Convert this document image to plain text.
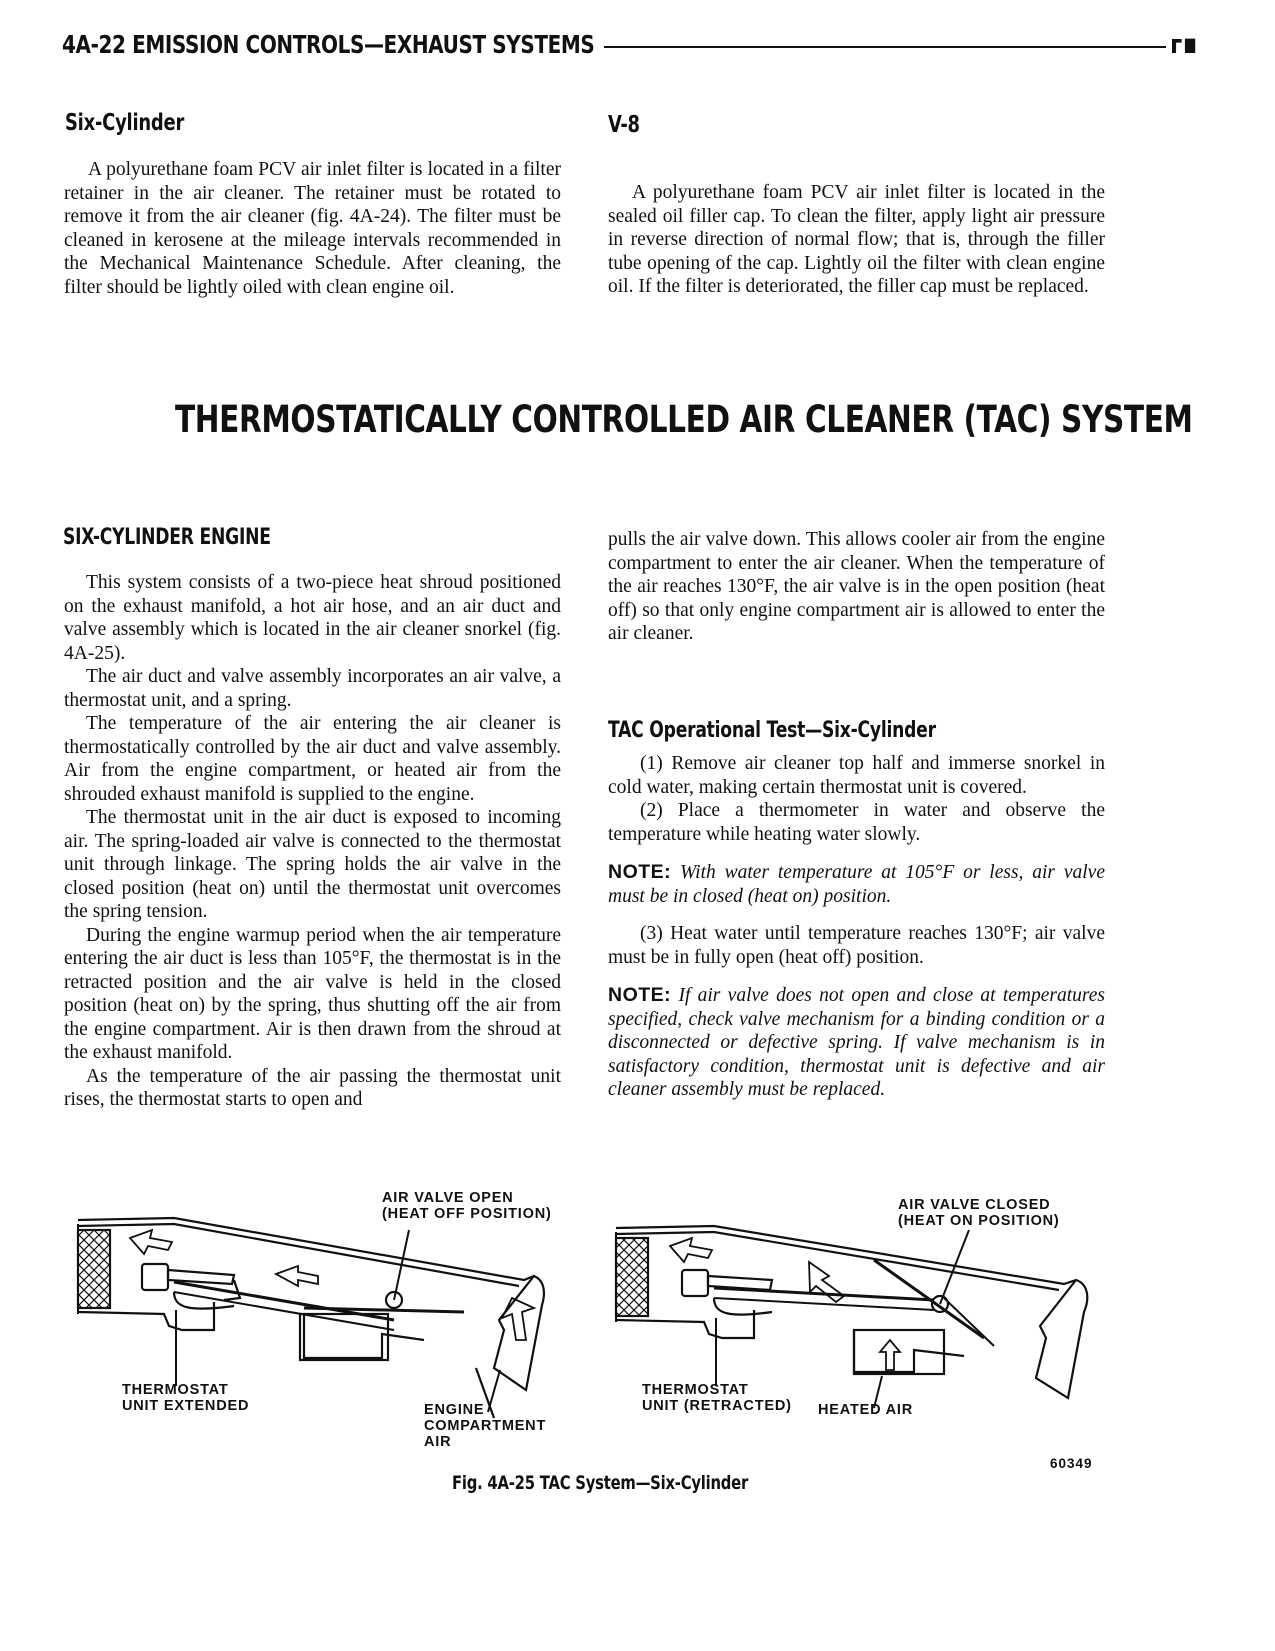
4A-22 EMISSION CONTROLS—EXHAUST SYSTEMS	ᴦ∎
Six-Cylinder	V-8

A polyurethane foam PCV air inlet filter is located in a filter retainer in the air cleaner. The retainer must be rotated to remove it from the air cleaner (fig. 4A-24). The filter must be cleaned in kerosene at the mileage intervals recommended in the Mechanical Maintenance Schedule. After cleaning, the filter should be lightly oiled with clean engine oil.

A polyurethane foam PCV air inlet filter is located in the sealed oil filler cap. To clean the filter, apply light air pressure in reverse direction of normal flow; that is, through the filler tube opening of the cap. Lightly oil the filter with clean engine oil. If the filter is deteriorated, the filler cap must be replaced.

THERMOSTATICALLY CONTROLLED AIR CLEANER (TAC) SYSTEM
SIX-CYLINDER ENGINE

This system consists of a two-piece heat shroud positioned on the exhaust manifold, a hot air hose, and an air duct and valve assembly which is located in the air cleaner snorkel (fig. 4A-25).

The air duct and valve assembly incorporates an air valve, a thermostat unit, and a spring.

The temperature of the air entering the air cleaner is thermostatically controlled by the air duct and valve assembly. Air from the engine compartment, or heated air from the shrouded exhaust manifold is supplied to the engine.

The thermostat unit in the air duct is exposed to incoming air. The spring-loaded air valve is connected to the thermostat unit through linkage. The spring holds the air valve in the closed position (heat on) until the thermostat unit overcomes the spring tension.

During the engine warmup period when the air temperature entering the air duct is less than 105°F, the thermostat is in the retracted position and the air valve is held in the closed position (heat on) by the spring, thus shutting off the air from the engine compartment. Air is then drawn from the shroud at the exhaust manifold.

As the temperature of the air passing the thermostat unit rises, the thermostat starts to open and

pulls the air valve down. This allows cooler air from the engine compartment to enter the air cleaner. When the temperature of the air reaches 130°F, the air valve is in the open position (heat off) so that only engine compartment air is allowed to enter the air cleaner.

TAC Operational Test—Six-Cylinder

(1) Remove air cleaner top half and immerse snorkel in cold water, making certain thermostat unit is covered.

(2) Place a thermometer in water and observe the temperature while heating water slowly.

NOTE: With water temperature at 105°F or less, air valve must be in closed (heat on) position.

(3) Heat water until temperature reaches 130°F; air valve must be in fully open (heat off) position.

NOTE: If air valve does not open and close at temperatures specified, check valve mechanism for a binding condition or a disconnected or defective spring. If valve mechanism is in satisfactory condition, thermostat unit is defective and air cleaner assembly must be replaced.

AIR VALVE OPEN
(HEAT OFF POSITION)
THERMOSTAT
UNIT EXTENDED	ENGINE
COMPARTMENT
AIR
AIR VALVE CLOSED
(HEAT ON POSITION)
THERMOSTAT
UNIT (RETRACTED) HEATED AIR
60349
Fig. 4A-25 TAC System—Six-Cylinder
